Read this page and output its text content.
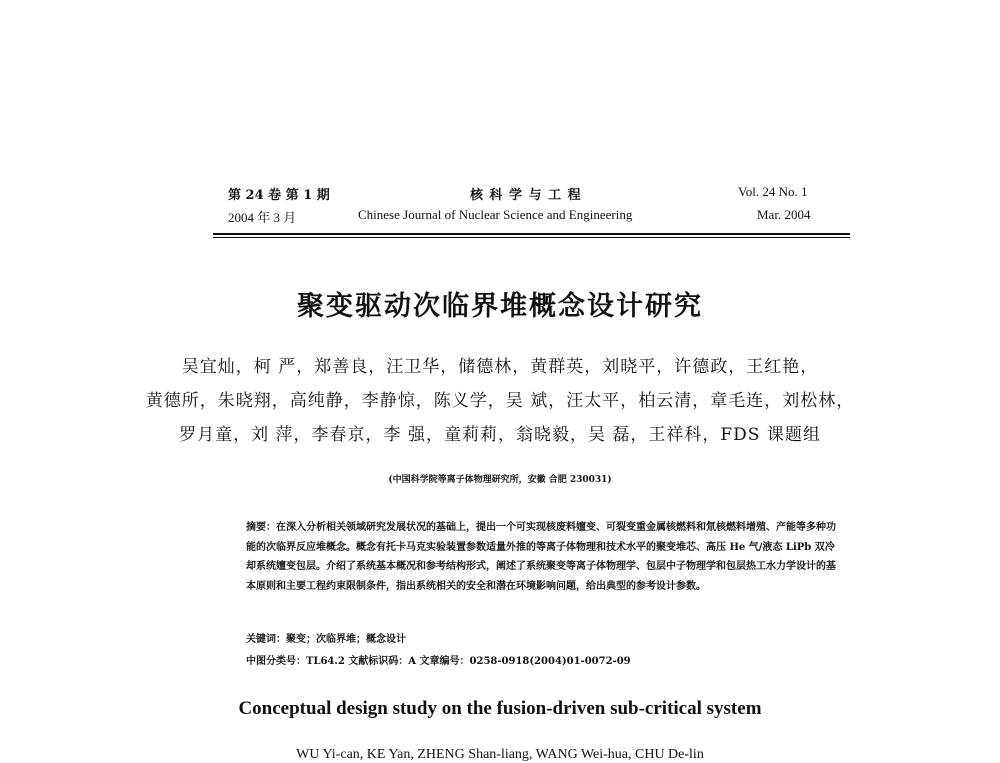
第 24 卷 第 1 期	核 科 学 与 工 程	Vol. 24 No. 1
2004 年 3 月	Chinese Journal of Nuclear Science and Engineering	Mar. 2004
聚变驱动次临界堆概念设计研究
吴宜灿，柯 严，郑善良，汪卫华，储德林，黄群英，刘晓平，许德政，王红艳，
黄德所，朱晓翔，高纯静，李静惊，陈义学，吴 斌，汪太平，柏云清，章毛连，刘松林，
罗月童，刘 萍，李春京，李 强，童莉莉，翁晓毅，吴 磊，王祥科，FDS 课题组
(中国科学院等离子体物理研究所，安徽 合肥 230031)
摘要：在深入分析相关领域研究发展状况的基础上，提出一个可实现核废料嬗变、可裂变重金属核燃料和氚核燃料增殖、产能等多种功能的次临界反应堆概念。概念有托卡马克实验装置参数适量外推的等离子体物理和技术水平的聚变堆芯、高压 He 气/液态 LiPb 双冷却系统嬗变包层。介绍了系统基本概况和参考结构形式，阐述了系统聚变等离子体物理学、包层中子物理学和包层热工水力学设计的基本原则和主要工程约束限制条件，指出系统相关的安全和潜在环境影响问题，给出典型的参考设计参数。
关键词：聚变；次临界堆；概念设计
中图分类号：TL64.2 文献标识码：A 文章编号：0258-0918(2004)01-0072-09
Conceptual design study on the fusion-driven sub-critical system
WU Yi-can, KE Yan, ZHENG Shan-liang, WANG Wei-hua, CHU De-lin
